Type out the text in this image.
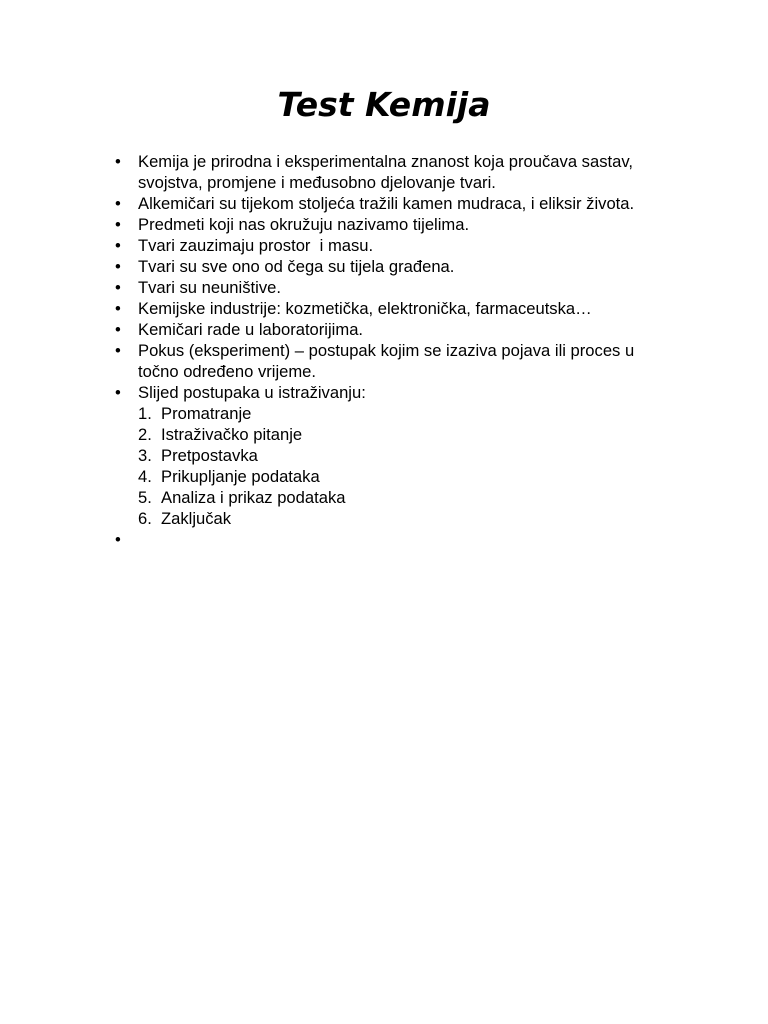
Test Kemija
•	Kemija je prirodna i eksperimentalna znanost koja proučava sastav, svojstva, promjene i međusobno djelovanje tvari.
•	Alkemičari su tijekom stoljeća tražili kamen mudraca, i eliksir života.
•	Predmeti koji nas okružuju nazivamo tijelima.
•	Tvari zauzimaju prostor  i masu.
•	Tvari su sve ono od čega su tijela građena.
•	Tvari su neuništive.
•	Kemijske industrije: kozmetička, elektronička, farmaceutska…
•	Kemičari rade u laboratorijima.
•	Pokus (eksperiment) – postupak kojim se izaziva pojava ili proces u točno određeno vrijeme.
•	Slijed postupaka u istraživanju:
1. Promatranje
2. Istraživačko pitanje
3. Pretpostavka
4. Prikupljanje podataka
5. Analiza i prikaz podataka
6. Zaključak
•
